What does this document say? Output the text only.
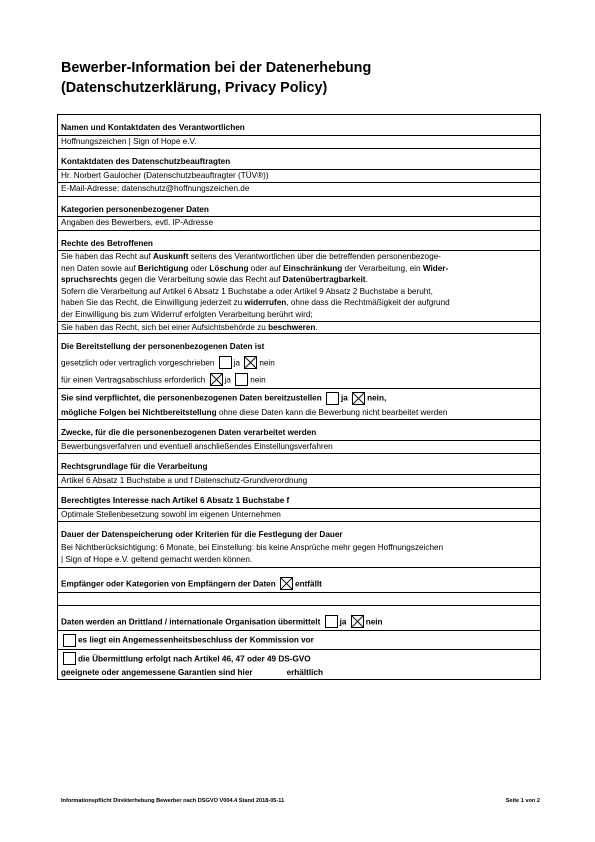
Bewerber-Information bei der Datenerhebung
(Datenschutzerklärung, Privacy Policy)
Namen und Kontaktdaten des Verantwortlichen
Hoffnungszeichen | Sign of Hope e.V.
Kontaktdaten des Datenschutzbeauftragten
Hr. Norbert Gaulocher (Datenschutzbeauftragter (TÜV®))
E-Mail-Adresse: datenschutz@hoffnungszeichen.de
Kategorien personenbezogener Daten
Angaben des Bewerbers, evtl. IP-Adresse
Rechte des Betroffenen
Sie haben das Recht auf Auskunft seitens des Verantwortlichen über die betreffenden personenbezoge-
nen Daten sowie auf Berichtigung oder Löschung oder auf Einschränkung der Verarbeitung, ein Wider-
spruchsrechts gegen die Verarbeitung sowie das Recht auf Datenübertragbarkeit.
Sofern die Verarbeitung auf Artikel 6 Absatz 1 Buchstabe a oder Artikel 9 Absatz 2 Buchstabe a beruht,
haben Sie das Recht, die Einwilligung jederzeit zu widerrufen, ohne dass die Rechtmäßigkeit der aufgrund
der Einwilligung bis zum Widerruf erfolgten Verarbeitung berührt wird;
Sie haben das Recht, sich bei einer Aufsichtsbehörde zu beschweren.
Die Bereitstellung der personenbezogenen Daten ist
gesetzlich oder vertraglich vorgeschrieben ja nein
für einen Vertragsabschluss erforderlich ja nein
Sie sind verpflichtet, die personenbezogenen Daten bereitzustellen ja nein,
mögliche Folgen bei Nichtbereitstellung ohne diese Daten kann die Bewerbung nicht bearbeitet werden
Zwecke, für die die personenbezogenen Daten verarbeitet werden
Bewerbungsverfahren und eventuell anschließendes Einstellungsverfahren
Rechtsgrundlage für die Verarbeitung
Artikel 6 Absatz 1 Buchstabe a und f Datenschutz-Grundverordnung
Berechtigtes Interesse nach Artikel 6 Absatz 1 Buchstabe f
Optimale Stellenbesetzung sowohl im eigenen Unternehmen
Dauer der Datenspeicherung oder Kriterien für die Festlegung der Dauer
Bei Nichtberücksichtigung: 6 Monate, bei Einstellung: bis keine Ansprüche mehr gegen Hoffnungszeichen
| Sign of Hope e.V. geltend gemacht werden können.
Empfänger oder Kategorien von Empfängern der Daten entfällt
Daten werden an Drittland / internationale Organisation übermittelt ja nein
es liegt ein Angemessenheitsbeschluss der Kommission vor
die Übermittlung erfolgt nach Artikel 46, 47 oder 49 DS-GVO
geeignete oder angemessene Garantien sind hier	erhältlich
Informationspflicht Direkterhebung Bewerber nach DSGVO V004.4 Stand 2018-05-11	Seite 1 von 2
